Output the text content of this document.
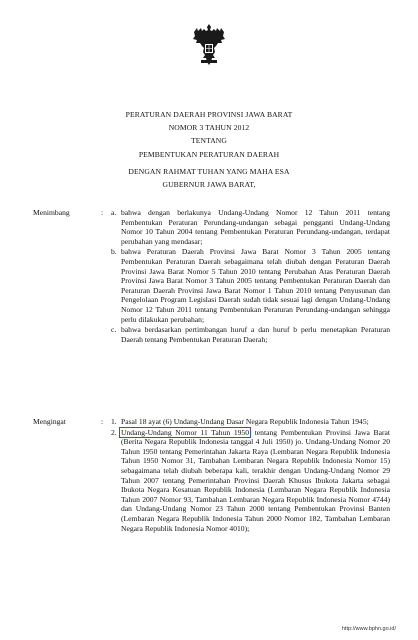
PERATURAN DAERAH PROVINSI JAWA BARAT
NOMOR 3 TAHUN 2012
TENTANG
PEMBENTUKAN PERATURAN DAERAH
DENGAN RAHMAT TUHAN YANG MAHA ESA
GUBERNUR JAWA BARAT,
Menimbang	: a. bahwa dengan berlakunya Undang-Undang Nomor 12 Tahun 2011 tentang Pembentukan Peraturan Perundang-undangan sebagai pengganti Undang-Undang Nomor 10 Tahun 2004 tentang Pembentukan Peraturan Perundang-undangan, terdapat perubahan yang mendasar;
b. bahwa Peraturan Daerah Provinsi Jawa Barat Nomor 3 Tahun 2005 tentang Pembentukan Peraturan Daerah sebagaimana telah diubah dengan Peraturan Daerah Provinsi Jawa Barat Nomor 5 Tahun 2010 tentang Perubahan Atas Peraturan Daerah Provinsi Jawa Barat Nomor 3 Tahun 2005 tentang Pembentukan Peraturan Daerah dan Peraturan Daerah Provinsi Jawa Barat Nomor 1 Tahun 2010 tentang Penyusunan dan Pengelolaan Program Legislasi Daerah sudah tidak sesuai lagi dengan Undang-Undang Nomor 12 Tahun 2011 tentang Pembentukan Peraturan Perundang-undangan sehingga perlu dilakukan perubahan;
c. bahwa berdasarkan pertimbangan huruf a dan huruf b perlu menetapkan Peraturan Daerah tentang Pembentukan Peraturan Daerah;
Mengingat	: 1. Pasal 18 ayat (6) Undang-Undang Dasar Negara Republik Indonesia Tahun 1945;
2. Undang-Undang Nomor 11 Tahun 1950 tentang Pembentukan Provinsi Jawa Barat (Berita Negara Republik Indonesia tanggal 4 Juli 1950) jo. Undang-Undang Nomor 20 Tahun 1950 tentang Pemerintahan Jakarta Raya (Lembaran Negara Republik Indonesia Tahun 1950 Nomor 31, Tambahan Lembaran Negara Republik Indonesia Nomor 15) sebagaimana telah diubah beberapa kali, terakhir dengan Undang-Undang Nomor 29 Tahun 2007 tentang Pemerintahan Provinsi Daerah Khusus Ibukota Jakarta sebagai Ibukota Negara Kesatuan Republik Indonesia (Lembaran Negara Republik Indonesia Tahun 2007 Nomor 93, Tambahan Lembaran Negara Republik Indonesia Nomor 4744) dan Undang-Undang Nomor 23 Tahun 2000 tentang Pembentukan Provinsi Banten (Lembaran Negara Republik Indonesia Tahun 2000 Nomor 182, Tambahan Lembaran Negara Republik Indonesia Nomor 4010);
http://www.bphn.go.id/
